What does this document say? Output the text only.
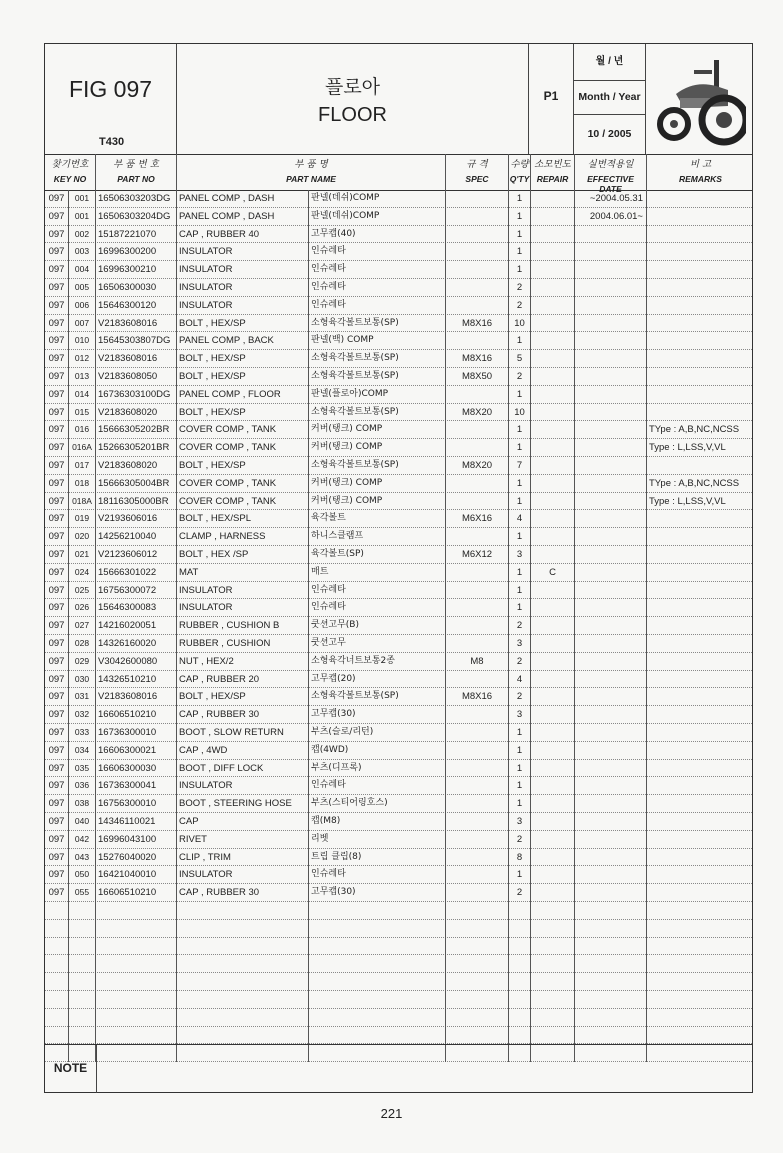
FIG 097
T430
플로아
FLOOR
P1
월 / 년
Month / Year
10 / 2005
찾기번호
KEY NO
부 품 번 호
PART NO
부 품 명
PART NAME
규 격
SPEC
수량
Q'TY
소모빈도
REPAIR
실번적용일
EFFECTIVE DATE
비 고
REMARKS
097	001 16506303203DG PANEL COMP , DASH	판넬(데쉬)COMP	1	~2004.05.31
097	001 16506303204DG PANEL COMP , DASH	판넬(데쉬)COMP	1	2004.06.01~
097	002 15187221070	CAP , RUBBER 40	고무캡(40)	1
097	003 16996300200	INSULATOR	인슈레타	1
097	004 16996300210	INSULATOR	인슈레타	1
097	005 16506300030	INSULATOR	인슈레타	2
097	006 15646300120	INSULATOR	인슈레타	2
097	007 V2183608016	BOLT , HEX/SP	소형육각볼트보통(SP)	M8X16	10
097	010 15645303807DG PANEL COMP , BACK	판넬(백) COMP	1
097	012 V2183608016	BOLT , HEX/SP	소형육각볼트보통(SP)	M8X16	5
097	013 V2183608050	BOLT , HEX/SP	소형육각볼트보통(SP)	M8X50	2
097	014 16736303100DG PANEL COMP , FLOOR	판넬(플로아)COMP	1
097	015 V2183608020	BOLT , HEX/SP	소형육각볼트보통(SP)	M8X20	10
097	016 15666305202BR	COVER COMP , TANK	커버(탱크) COMP	1	TYpe : A,B,NC,NCSS
097 016A 15266305201BR	COVER COMP , TANK	커버(탱크) COMP	1	Type : L,LSS,V,VL
097	017 V2183608020	BOLT , HEX/SP	소형육각볼트보통(SP)	M8X20	7
097	018 15666305004BR	COVER COMP , TANK	커버(탱크) COMP	1	TYpe : A,B,NC,NCSS
097 018A 18116305000BR	COVER COMP , TANK	커버(탱크) COMP	1	Type : L,LSS,V,VL
097	019 V2193606016	BOLT , HEX/SPL	육각볼트	M6X16	4
097	020 14256210040	CLAMP , HARNESS	하니스클램프	1
097	021 V2123606012	BOLT , HEX /SP	육각볼트(SP)	M6X12	3
097	024 15666301022	MAT	매트	1	C
097	025 16756300072	INSULATOR	인슈레타	1
097	026 15646300083	INSULATOR	인슈레타	1
097	027 14216020051	RUBBER , CUSHION B	쿳션고무(B)	2
097	028 14326160020	RUBBER , CUSHION	쿳션고무	3
097	029 V3042600080	NUT , HEX/2	소형육각너트보통2종	M8	2
097	030 14326510210	CAP , RUBBER 20	고무캡(20)	4
097	031 V2183608016	BOLT , HEX/SP	소형육각볼트보통(SP)	M8X16	2
097	032 16606510210	CAP , RUBBER 30	고무캡(30)	3
097	033 16736300010	BOOT , SLOW RETURN	부츠(슬로/리턴)	1
097	034 16606300021	CAP , 4WD	캡(4WD)	1
097	035 16606300030	BOOT , DIFF LOCK	부츠(디프록)	1
097	036 16736300041	INSULATOR	인슈레타	1
097	038 16756300010	BOOT , STEERING HOSE	부츠(스티어링호스)	1
097	040 14346110021	CAP	캡(M8)	3
097	042 16996043100	RIVET	리벳	2
097	043 15276040020	CLIP , TRIM	트립 클립(8)	8
097	050 16421040010	INSULATOR	인슈레타	1
097	055 16606510210	CAP , RUBBER 30	고무캡(30)	2
NOTE
221
